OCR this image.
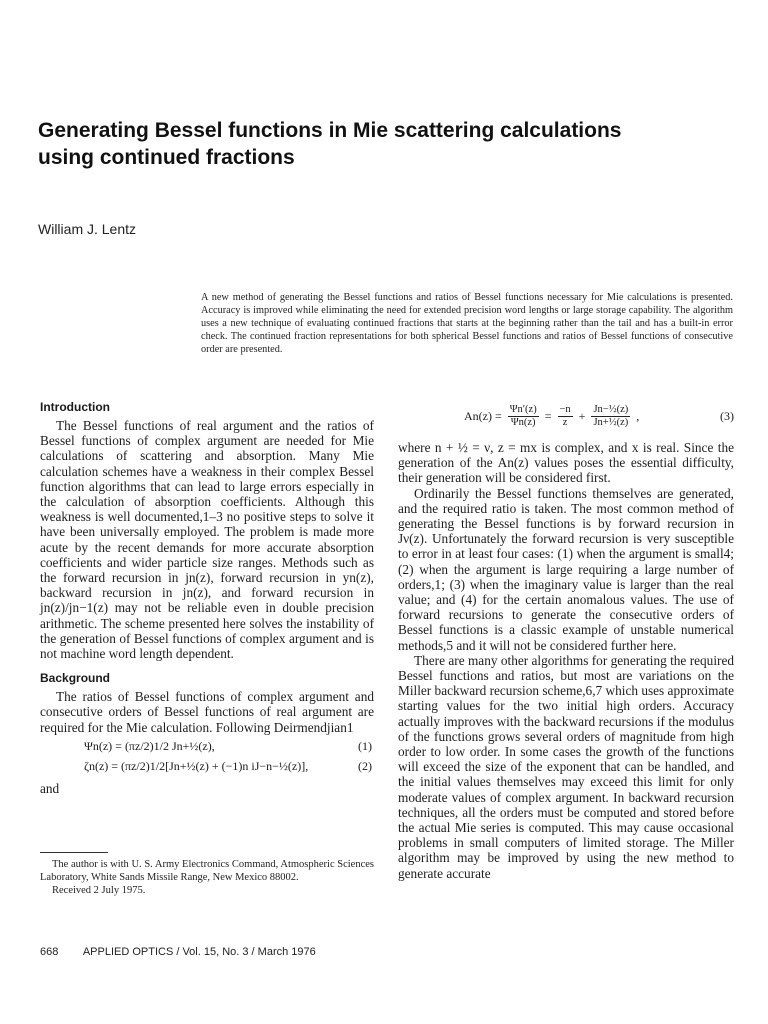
Generating Bessel functions in Mie scattering calculations using continued fractions
William J. Lentz

A new method of generating the Bessel functions and ratios of Bessel functions necessary for Mie calculations is presented. Accuracy is improved while eliminating the need for extended precision word lengths or large storage capability. The algorithm uses a new technique of evaluating continued fractions that starts at the beginning rather than the tail and has a built-in error check. The continued fraction representations for both spherical Bessel functions and ratios of Bessel functions of consecutive order are presented.

Introduction

The Bessel functions of real argument and the ratios of Bessel functions of complex argument are needed for Mie calculations of scattering and absorption. Many Mie calculation schemes have a weakness in their complex Bessel function algorithms that can lead to large errors especially in the calculation of absorption coefficients. Although this weakness is well documented,1–3 no positive steps to solve it have been universally employed. The problem is made more acute by the recent demands for more accurate absorption coefficients and wider particle size ranges. Methods such as the forward recursion in jn(z), forward recursion in yn(z), backward recursion in jn(z), and forward recursion in jn(z)/jn−1(z) may not be reliable even in double precision arithmetic. The scheme presented here solves the instability of the generation of Bessel functions of complex argument and is not machine word length dependent.

Background

The ratios of Bessel functions of complex argument and consecutive orders of Bessel functions of real argument are required for the Mie calculation. Following Deirmendjian1

Ψn(z) = (πz/2)1/2 Jn+½(z),	(1)
ζn(z) = (πz/2)1/2[Jn+½(z) + (−1)n iJ−n−½(z)],	(2)
and
$An(z) = \frac{\Psi n'(z)}{\Psi n(z)} = \frac{-n}{z} + \frac{\text{Jn−½(z)}}{\text{Jn+½(z)}}$ ,	(3)

where n + ½ = ν, z = mx is complex, and x is real. Since the generation of the An(z) values poses the essential difficulty, their generation will be considered first.

Ordinarily the Bessel functions themselves are generated, and the required ratio is taken. The most common method of generating the Bessel functions is by forward recursion in Jν(z). Unfortunately the forward recursion is very susceptible to error in at least four cases: (1) when the argument is small4; (2) when the argument is large requiring a large number of orders,1; (3) when the imaginary value is larger than the real value; and (4) for the certain anomalous values. The use of forward recursions to generate the consecutive orders of Bessel functions is a classic example of unstable numerical methods,5 and it will not be considered further here.

There are many other algorithms for generating the required Bessel functions and ratios, but most are variations on the Miller backward recursion scheme,6,7 which uses approximate starting values for the two initial high orders. Accuracy actually improves with the backward recursions if the modulus of the functions grows several orders of magnitude from high order to low order. In some cases the growth of the functions will exceed the size of the exponent that can be handled, and the initial values themselves may exceed this limit for only moderate values of complex argument. In backward recursion techniques, all the orders must be computed and stored before the actual Mie series is computed. This may cause occasional problems in small computers of limited storage. The Miller algorithm may be improved by using the new method to generate accurate

The author is with U. S. Army Electronics Command, Atmospheric Sciences Laboratory, White Sands Missile Range, New Mexico 88002.

Received 2 July 1975.

668 APPLIED OPTICS / Vol. 15, No. 3 / March 1976
